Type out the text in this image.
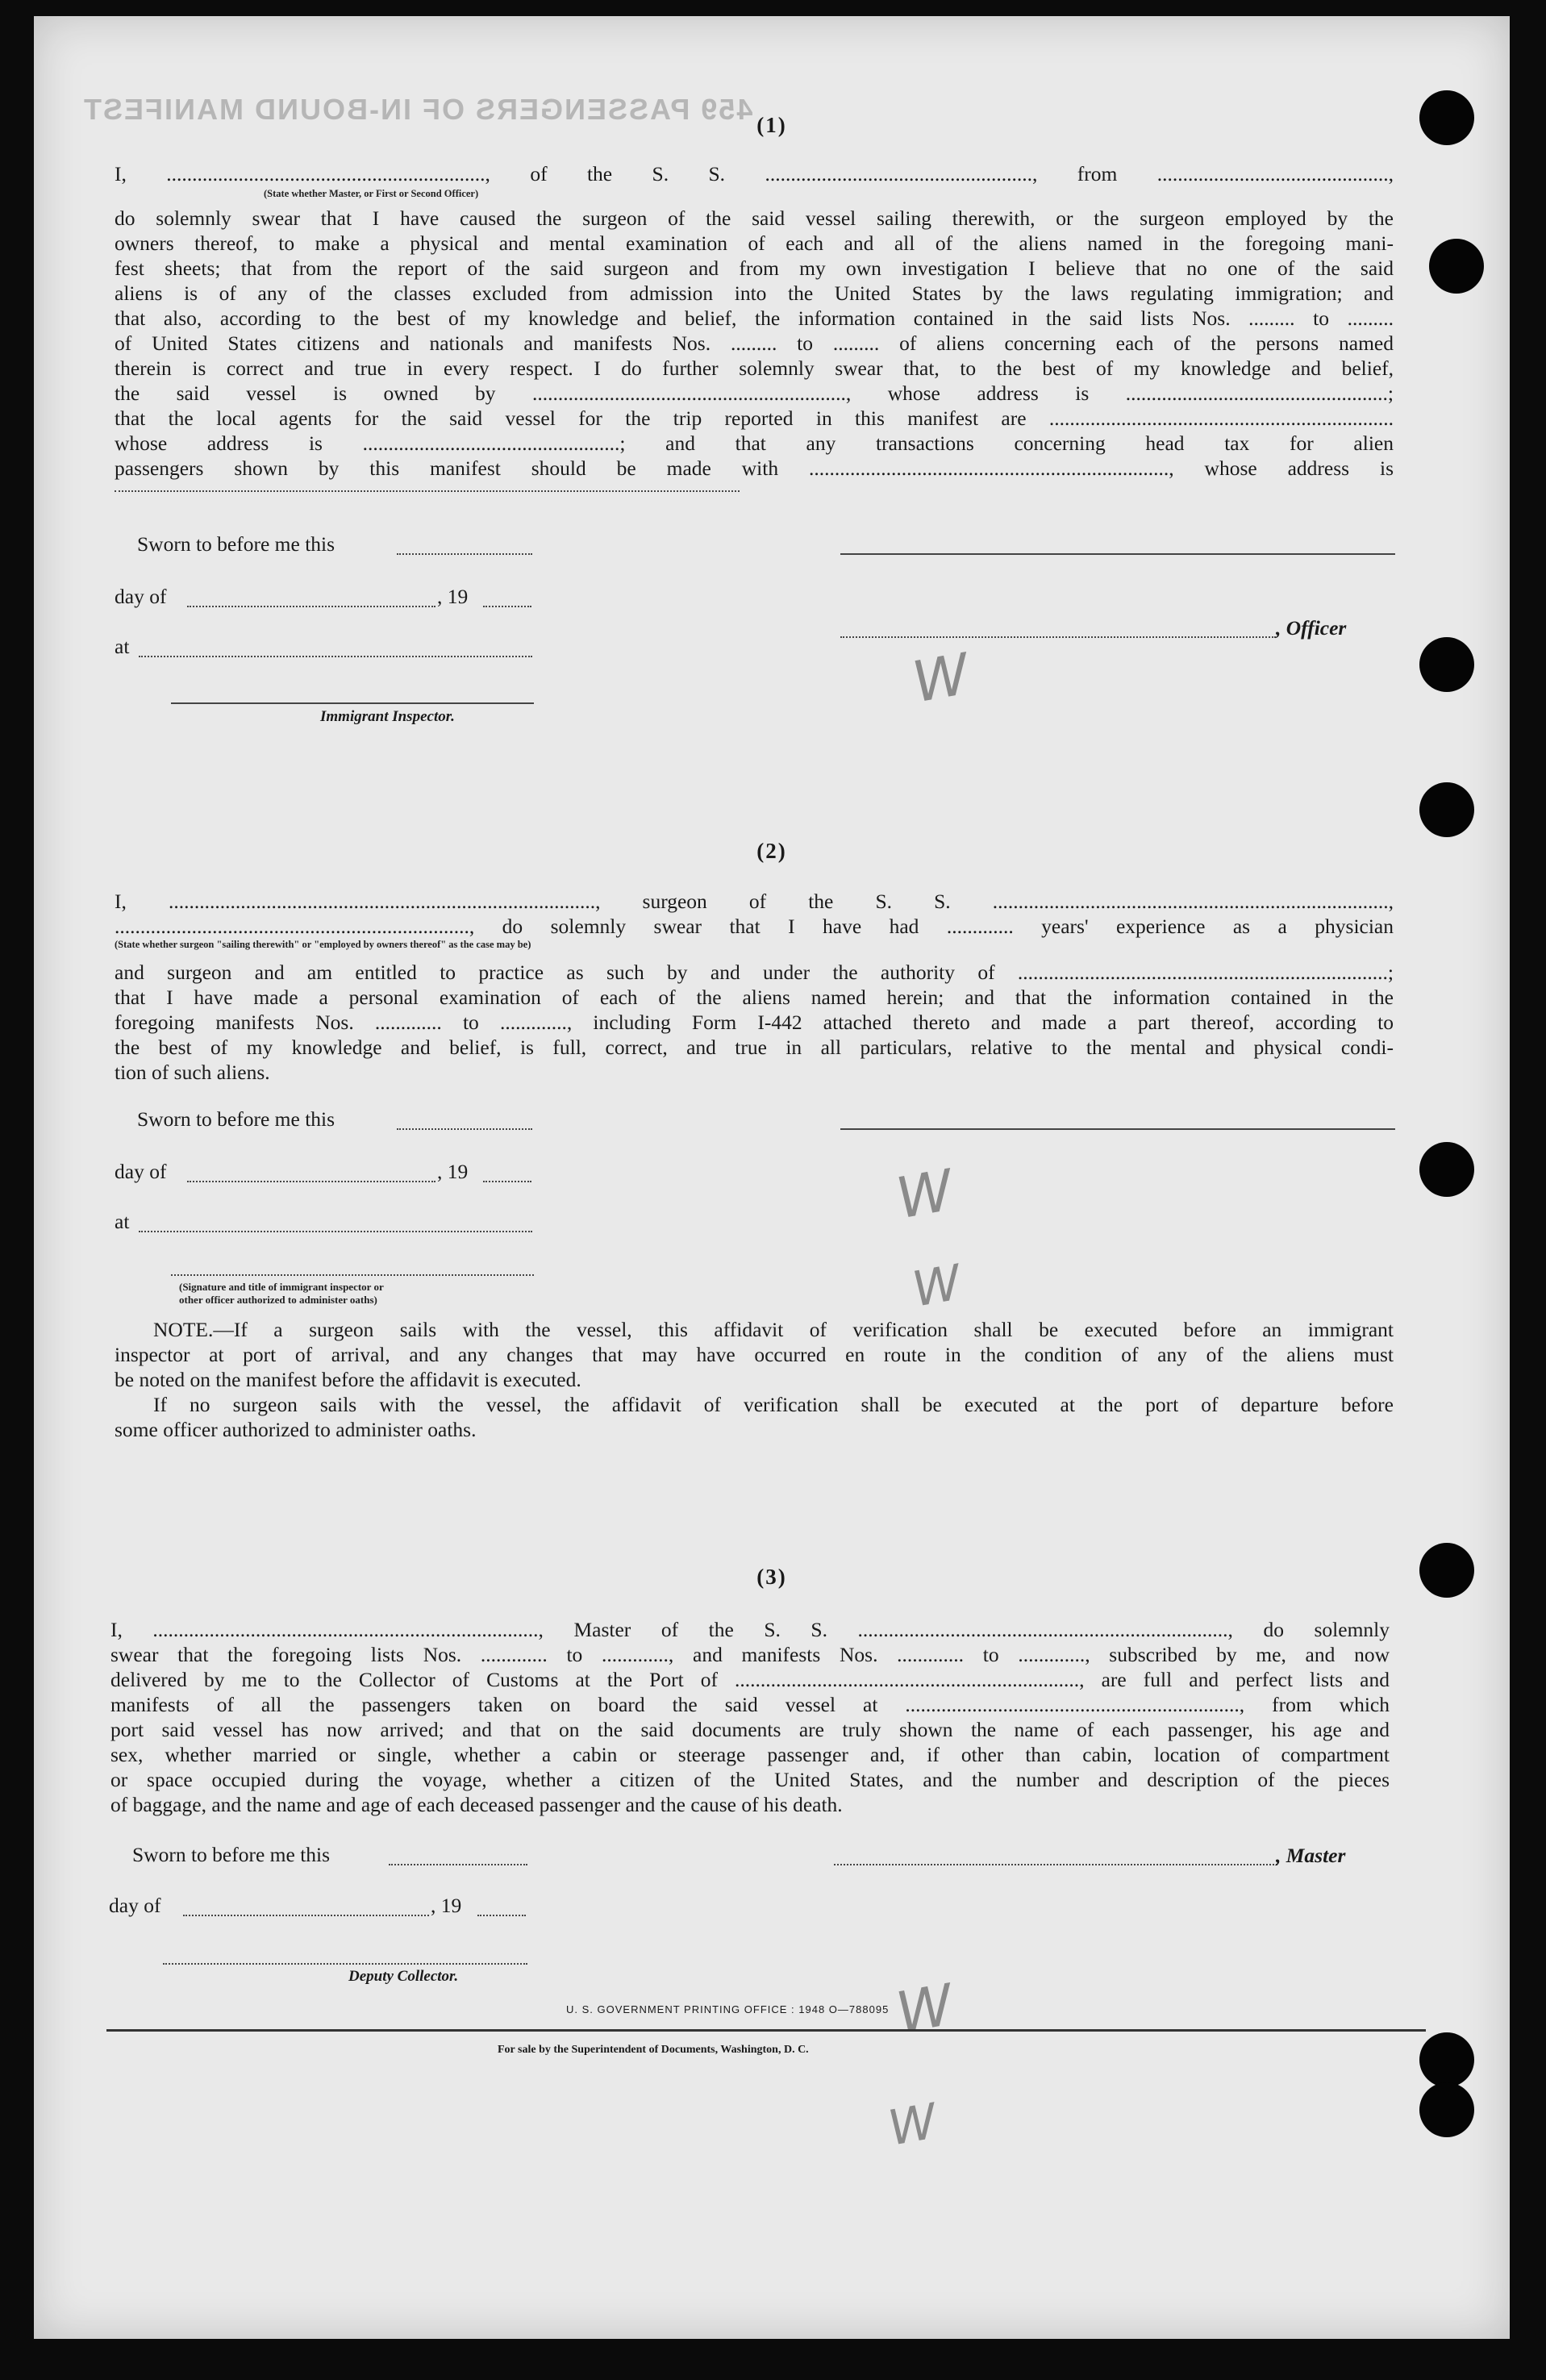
459 PASSENGERS OF IN-BOUND MANIFEST
W
W
W
W
W
(1)
I, .............................................................., of the S. S. ...................................................., from .............................................,
(State whether Master, or First or Second Officer)
do solemnly swear that I have caused the surgeon of the said vessel sailing therewith, or the surgeon employed by the
owners thereof, to make a physical and mental examination of each and all of the aliens named in the foregoing mani-
fest sheets; that from the report of the said surgeon and from my own investigation I believe that no one of the said
aliens is of any of the classes excluded from admission into the United States by the laws regulating immigration; and
that also, according to the best of my knowledge and belief, the information contained in the said lists Nos. ......... to .........
of United States citizens and nationals and manifests Nos. ......... to ......... of aliens concerning each of the persons named
therein is correct and true in every respect. I do further solemnly swear that, to the best of my knowledge and belief,
the said vessel is owned by ............................................................., whose address is ...................................................;
that the local agents for the said vessel for the trip reported in this manifest are ...................................................................
whose address is ..................................................; and that any transactions concerning head tax for alien
passengers shown by this manifest should be made with ......................................................................, whose address is
Sworn to before me this
day of	, 19
, Officer
at
Immigrant Inspector.
(2)
I, ..................................................................................., surgeon of the S. S. .............................................................................,
....................................................................., do solemnly swear that I have had ............. years' experience as a physician
(State whether surgeon "sailing therewith" or "employed by owners thereof" as the case may be)
and surgeon and am entitled to practice as such by and under the authority of ........................................................................;
that I have made a personal examination of each of the aliens named herein; and that the information contained in the
foregoing manifests Nos. ............. to ............., including Form I-442 attached thereto and made a part thereof, according to
the best of my knowledge and belief, is full, correct, and true in all particulars, relative to the mental and physical condi-
tion of such aliens.
Sworn to before me this
day of	, 19
at
(Signature and title of immigrant inspector or
other officer authorized to administer oaths)
NOTE.—If a surgeon sails with the vessel, this affidavit of verification shall be executed before an immigrant
inspector at port of arrival, and any changes that may have occurred en route in the condition of any of the aliens must
be noted on the manifest before the affidavit is executed.
If no surgeon sails with the vessel, the affidavit of verification shall be executed at the port of departure before
some officer authorized to administer oaths.
(3)
I, ..........................................................................., Master of the S. S. ........................................................................, do solemnly
swear that the foregoing lists Nos. ............. to ............., and manifests Nos. ............. to ............., subscribed by me, and now
delivered by me to the Collector of Customs at the Port of ..................................................................., are full and perfect lists and
manifests of all the passengers taken on board the said vessel at ................................................................., from which
port said vessel has now arrived; and that on the said documents are truly shown the name of each passenger, his age and
sex, whether married or single, whether a cabin or steerage passenger and, if other than cabin, location of compartment
or space occupied during the voyage, whether a citizen of the United States, and the number and description of the pieces
of baggage, and the name and age of each deceased passenger and the cause of his death.
Sworn to before me this	, Master
day of	, 19
Deputy Collector.
U. S. GOVERNMENT PRINTING OFFICE : 1948 O—788095
For sale by the Superintendent of Documents, Washington, D. C.
